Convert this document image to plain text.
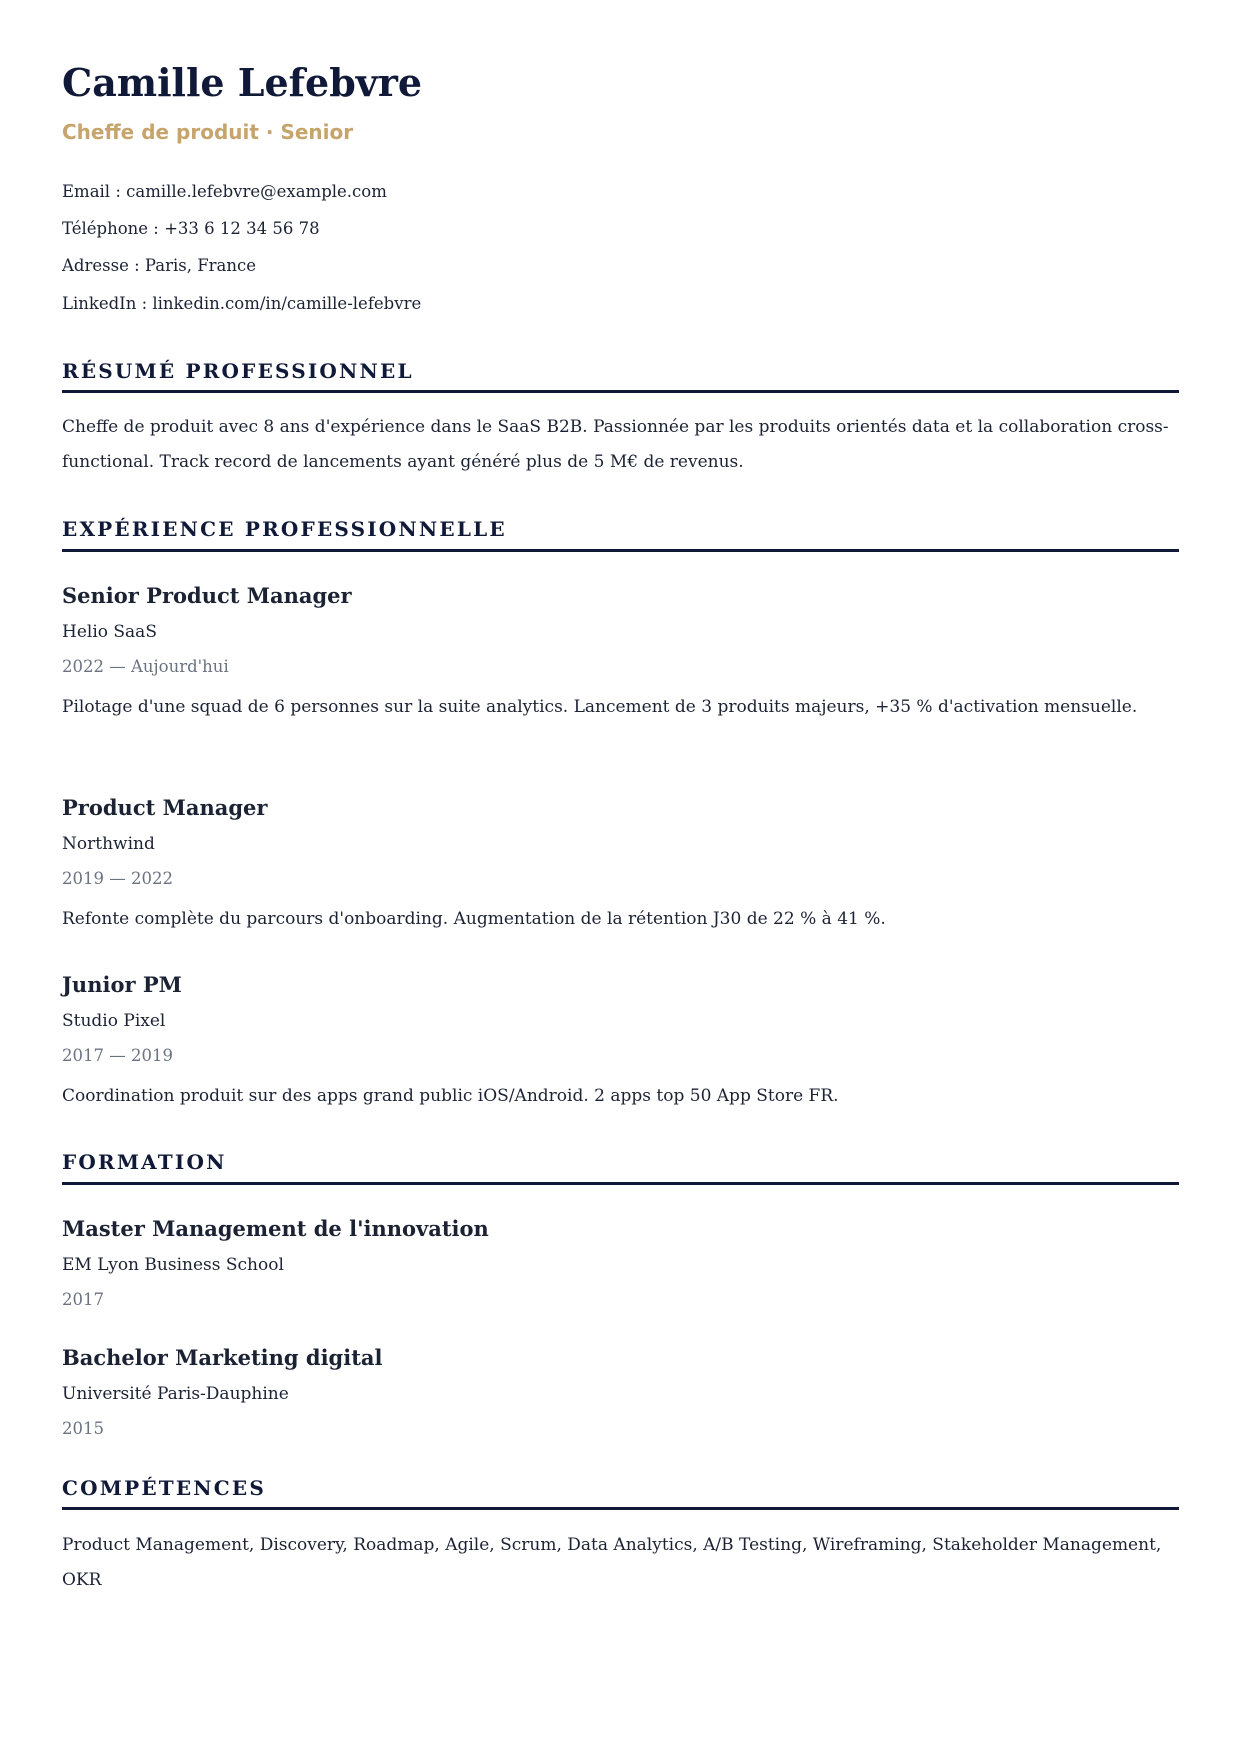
Camille Lefebvre
Cheffe de produit · Senior
Email : camille.lefebvre@example.com
Téléphone : +33 6 12 34 56 78
Adresse : Paris, France
LinkedIn : linkedin.com/in/camille-lefebvre
RÉSUMÉ PROFESSIONNEL
Cheffe de produit avec 8 ans d'expérience dans le SaaS B2B. Passionnée par les produits orientés data et la collaboration cross-functional. Track record de lancements ayant généré plus de 5 M€ de revenus.
EXPÉRIENCE PROFESSIONNELLE
Senior Product Manager
Helio SaaS
2022 — Aujourd'hui
Pilotage d'une squad de 6 personnes sur la suite analytics. Lancement de 3 produits majeurs, +35 % d'activation mensuelle.
Product Manager
Northwind
2019 — 2022
Refonte complète du parcours d'onboarding. Augmentation de la rétention J30 de 22 % à 41 %.
Junior PM
Studio Pixel
2017 — 2019
Coordination produit sur des apps grand public iOS/Android. 2 apps top 50 App Store FR.
FORMATION
Master Management de l'innovation
EM Lyon Business School
2017
Bachelor Marketing digital
Université Paris-Dauphine
2015
COMPÉTENCES
Product Management, Discovery, Roadmap, Agile, Scrum, Data Analytics, A/B Testing, Wireframing, Stakeholder Management, OKR
